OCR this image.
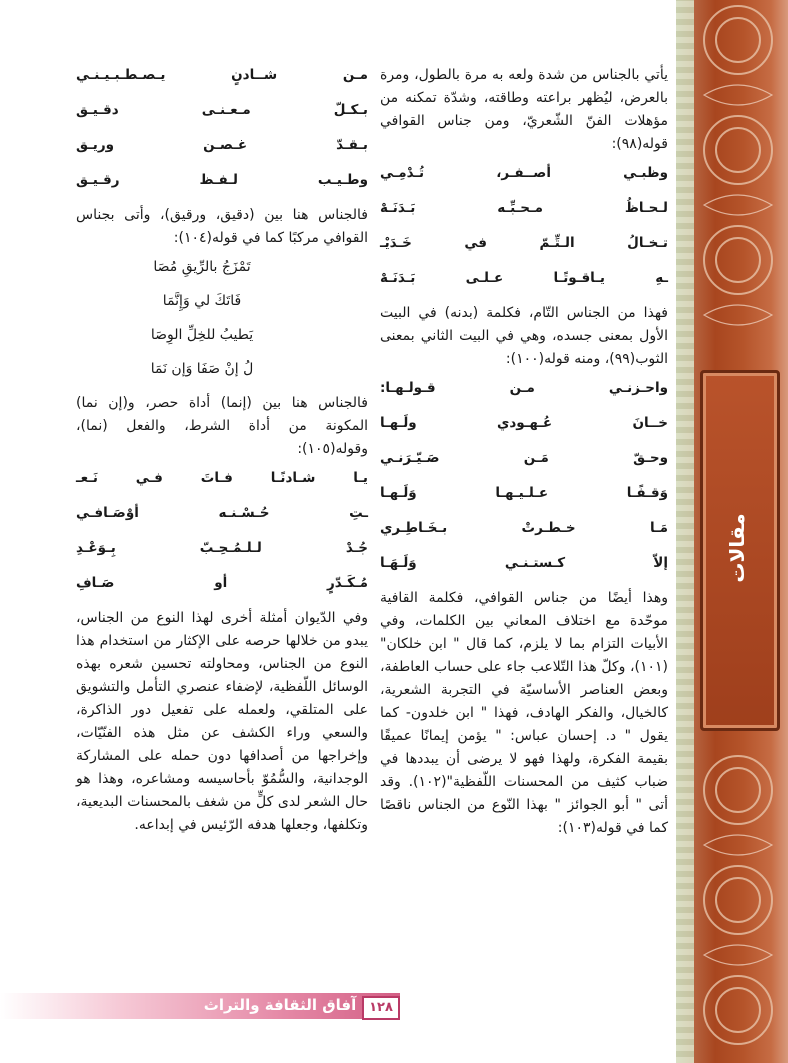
مقالات

يأتي بالجناس من شدة ولعه به مرة بالطول، ومرة بالعرض، ليُظهر براعته وطاقته، وشدّة تمكنه من مؤهلات الفنّ الشّعريّ، ومن جناس القوافي قوله(٩٨):

وظبـي أصــفـر، تُـدْمِـي

لـحـاظُ مـحـبِّـه بَـدَنَـهْ

تـخـالُ الـتِّـمّ في خَـدَيْـ

ـهِ يـاقـوتًـا عـلـى بَـدَنَـهْ

فهذا من الجناس التّام، فكلمة (بدنه) في البيت الأول بمعنى جسده، وهي في البيت الثاني بمعنى الثوب(٩٩)، ومنه قوله(١٠٠):

واحـزنـي مـن قـولـهـا:

خــانَ عُـهـودي ولَـهـا

وحـقّ مَـن صَـيّـرَنـي

وَقـفًـا عـلـيـهـا وَلَـهـا

مَـا خـطـرتْ بـخَـاطِـري

إلاّ كـستـنـي وَلَـهَـا

وهذا أيضًا من جناس القوافي، فكلمة القافية موحّدة مع اختلاف المعاني بين الكلمات، وفي الأبيات التزام بما لا يلزم، كما قال " ابن خلكان"(١٠١)، وكلّ هذا التّلاعب جاء على حساب العاطفة، وبعض العناصر الأساسيّة في التجربة الشعرية، كالخيال، والفكر الهادف، فهذا " ابن خلدون- كما يقول " د. إحسان عباس: " يؤمن إيمانًا عميقًا بقيمة الفكرة، ولهذا فهو لا يرضى أن يبددها في ضباب كثيف من المحسنات اللّفظية"(١٠٢). وقد أتى " أبو الجوائز " بهذا النّوع من الجناس ناقصًا كما في قوله(١٠٣):

مـن شــادنٍ يـصـطـبـيـنـي

بـكـلّ مـعـنـى دقـيـق

بـقـدّ غـصـن وريـق

وطـيـب لـفـظ رقـيـق

فالجناس هنا بين (دقيق، ورقيق)، وأتى بجناس القوافي مركبًا كما في قوله(١٠٤):

تَمْزَجُ بالرِّيقِ مُصَا

فَاتَكَ لي وَإِنَّمَا

يَطيبُ للخِلِّ الوِصَا

لُ إنْ صَفَا وَإن نَمَا

فالجناس هنا بين (إنما) أداة حصر، و(إن نما) المكونة من أداة الشرط، والفعل (نما)، وقوله(١٠٥):

يـا شـادنًـا فـاتَ فـي نَـعـ

ـتِ حُـسْـنـه أوْصَـافـي

جُـدْ لـلـمُـحِـبّ بِـوَعْـدِ

مُـكَـدّرٍ أو صَـافِ

وفي الدّيوان أمثلة أخرى لهذا النوع من الجناس، يبدو من خلالها حرصه على الإكثار من استخدام هذا النوع من الجناس، ومحاولته تحسين شعره بهذه الوسائل اللّفظية، لإضفاء عنصري التأمل والتشويق على المتلقي، ولعمله على تفعيل دور الذاكرة، والسعي وراء الكشف عن مثل هذه الفنّيّات، وإخراجها من أصدافها دون حمله على المشاركة الوجدانية، والسُّمُوّ بأحاسيسه ومشاعره، وهذا هو حال الشعر لدى كلٍّ من شغف بالمحسنات البديعية، وتكلفها، وجعلها هدفه الرّئيس في إبداعه.

آفاق الثقافة والتراث ١٢٨
